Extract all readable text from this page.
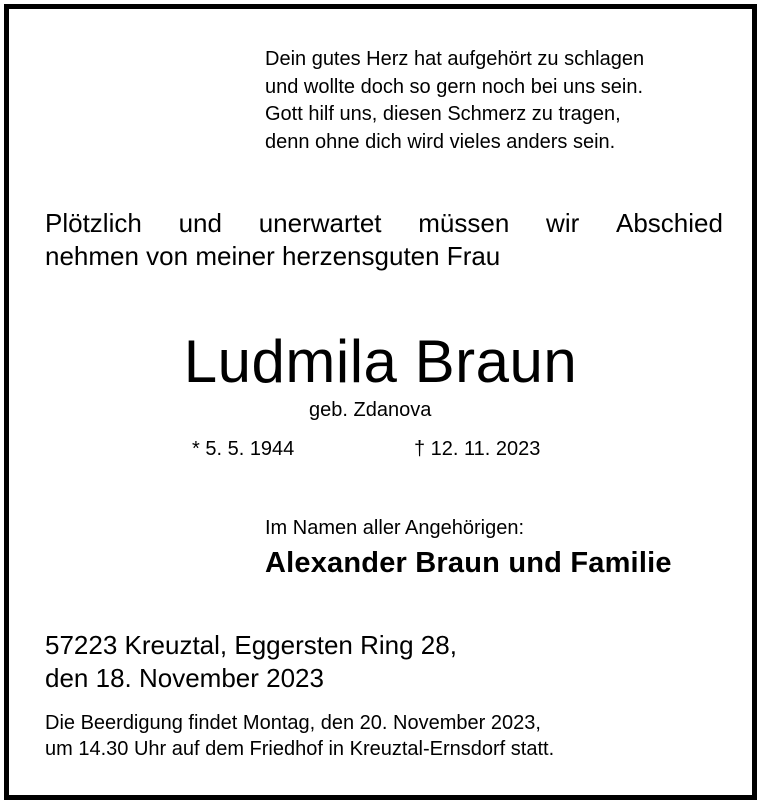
Dein gutes Herz hat aufgehört zu schlagen
und wollte doch so gern noch bei uns sein.
Gott hilf uns, diesen Schmerz zu tragen,
denn ohne dich wird vieles anders sein.
Plötzlich und unerwartet müssen wir Abschied
nehmen von meiner herzensguten Frau
Ludmila Braun
geb. Zdanova
* 5. 5. 1944	† 12. 11. 2023
Im Namen aller Angehörigen:
Alexander Braun und Familie
57223 Kreuztal, Eggersten Ring 28,
den 18. November 2023
Die Beerdigung findet Montag, den 20. November 2023,
um 14.30 Uhr auf dem Friedhof in Kreuztal-Ernsdorf statt.
